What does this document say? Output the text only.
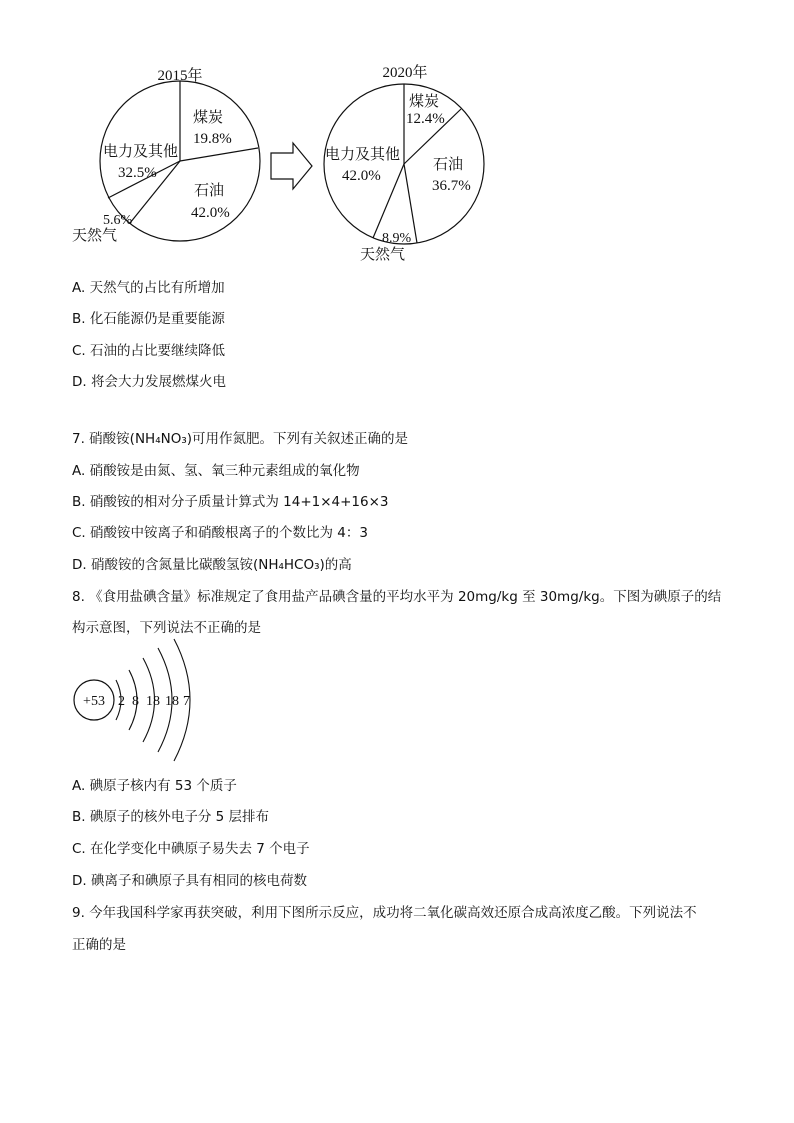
2015年
煤炭
19.8%
电力及其他
32.5%
石油
42.0%
5.6%
天然气
2020年
煤炭
12.4%
电力及其他
42.0%
石油
36.7%
8.9%
天然气
A. 天然气的占比有所增加
B. 化石能源仍是重要能源
C. 石油的占比要继续降低
D. 将会大力发展燃煤火电
7. 硝酸铵(NH₄NO₃)可用作氮肥。下列有关叙述正确的是
A. 硝酸铵是由氮、氢、氧三种元素组成的氧化物
B. 硝酸铵的相对分子质量计算式为 14+1×4+16×3
C. 硝酸铵中铵离子和硝酸根离子的个数比为 4：3
D. 硝酸铵的含氮量比碳酸氢铵(NH₄HCO₃)的高
8. 《食用盐碘含量》标准规定了食用盐产品碘含量的平均水平为 20mg/kg 至 30mg/kg。下图为碘原子的结
构示意图，下列说法不正确的是
+53 2 8 18 18 7
A. 碘原子核内有 53 个质子
B. 碘原子的核外电子分 5 层排布
C. 在化学变化中碘原子易失去 7 个电子
D. 碘离子和碘原子具有相同的核电荷数
9. 今年我国科学家再获突破，利用下图所示反应，成功将二氧化碳高效还原合成高浓度乙酸。下列说法不
正确的是
